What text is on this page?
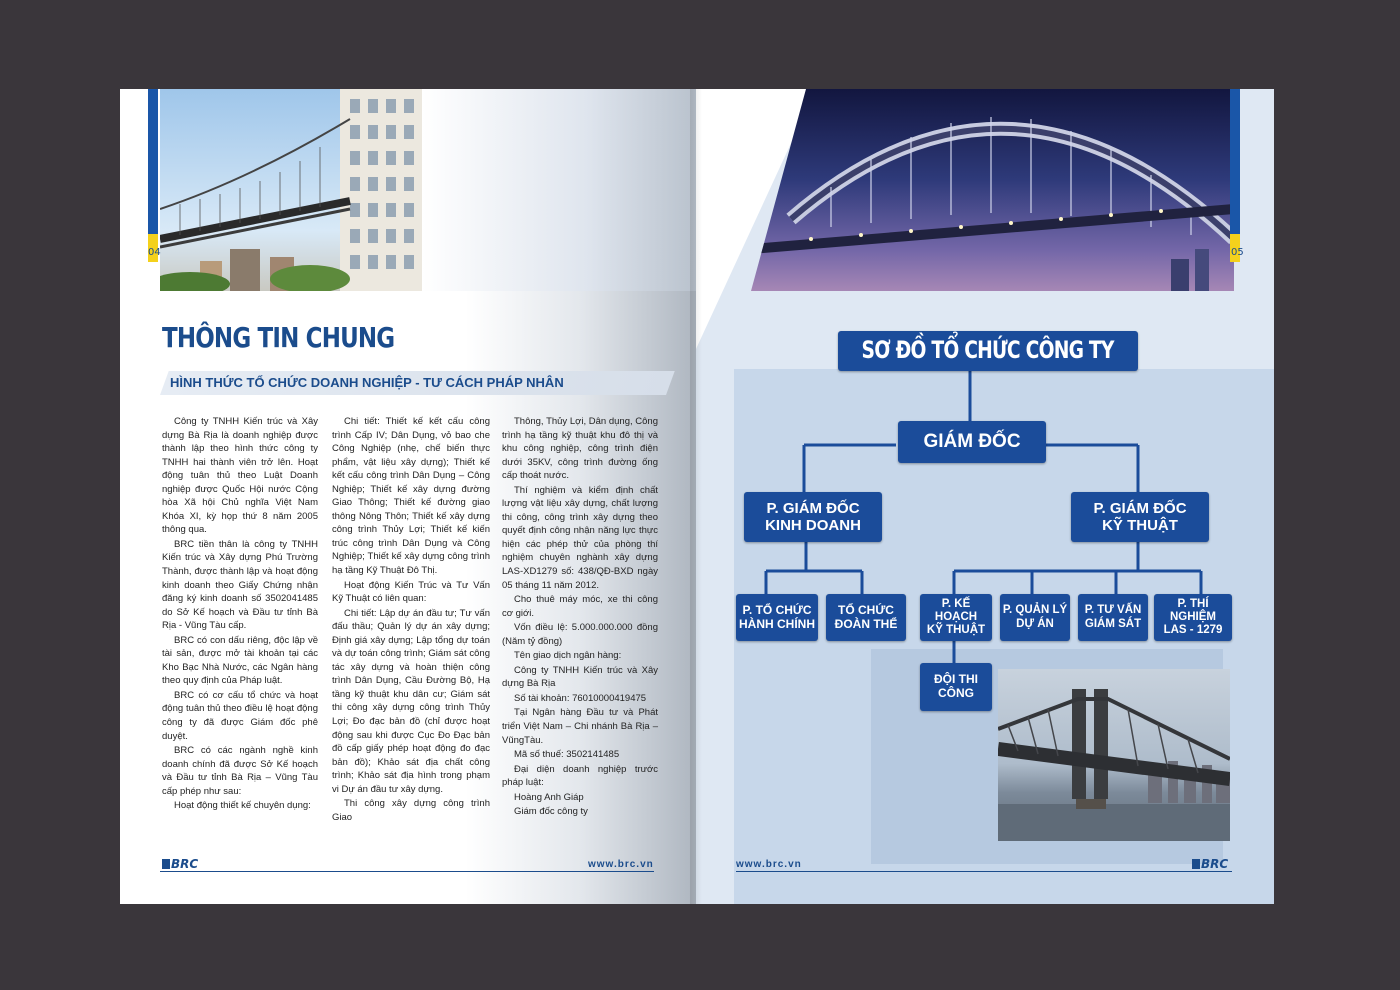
04
THÔNG TIN CHUNG
HÌNH THỨC TỔ CHỨC DOANH NGHIỆP - TƯ CÁCH PHÁP NHÂN

Công ty TNHH Kiến trúc và Xây dựng Bà Rịa là doanh nghiệp được thành lập theo hình thức công ty TNHH hai thành viên trở lên. Hoạt động tuân thủ theo Luật Doanh nghiệp được Quốc Hội nước Cộng hòa Xã hội Chủ nghĩa Việt Nam Khóa XI, kỳ họp thứ 8 năm 2005 thông qua.

BRC tiền thân là công ty TNHH Kiến trúc và Xây dựng Phú Trường Thành, được thành lập và hoạt động kinh doanh theo Giấy Chứng nhận đăng ký kinh doanh số 3502041485 do Sở Kế hoạch và Đầu tư tỉnh Bà Rịa - Vũng Tàu cấp.

BRC có con dấu riêng, độc lập về tài sản, được mở tài khoản tại các Kho Bạc Nhà Nước, các Ngân hàng theo quy định của Pháp luật.

BRC có cơ cấu tổ chức và hoạt động tuân thủ theo điều lệ hoạt động công ty đã được Giám đốc phê duyệt.

BRC có các ngành nghề kinh doanh chính đã được Sở Kế hoạch và Đầu tư tỉnh Bà Rịa – Vũng Tàu cấp phép như sau:

Hoạt động thiết kế chuyên dụng:

Chi tiết: Thiết kế kết cấu công trình Cấp IV; Dân Dụng, vỏ bao che Công Nghiệp (nhẹ, chế biến thực phẩm, vật liệu xây dựng); Thiết kế kết cấu công trình Dân Dụng – Công Nghiệp; Thiết kế xây dựng đường Giao Thông; Thiết kế đường giao thông Nông Thôn; Thiết kế xây dựng công trình Thủy Lợi; Thiết kế kiến trúc công trình Dân Dụng và Công Nghiệp; Thiết kế xây dựng công trình hạ tầng Kỹ Thuật Đô Thị.

Hoạt động Kiến Trúc và Tư Vấn Kỹ Thuật có liên quan:

Chi tiết: Lập dự án đầu tư; Tư vấn đấu thầu; Quản lý dự án xây dựng; Định giá xây dựng; Lập tổng dự toán và dự toán công trình; Giám sát công tác xây dựng và hoàn thiện công trình Dân Dụng, Cầu Đường Bộ, Hạ tầng kỹ thuật khu dân cư; Giám sát thi công xây dựng công trình Thủy Lợi; Đo đạc bản đồ (chỉ được hoạt động sau khi được Cục Đo Đạc bản đồ cấp giấy phép hoạt động đo đạc bản đồ); Khảo sát địa chất công trình; Khảo sát địa hình trong phạm vi Dự án đầu tư xây dựng.

Thi công xây dựng công trình Giao

Thông, Thủy Lợi, Dân dụng, Công trình hạ tầng kỹ thuật khu đô thị và khu công nghiệp, công trình điện dưới 35KV, công trình đường ống cấp thoát nước.

Thí nghiệm và kiểm định chất lượng vật liệu xây dựng, chất lượng thi công, công trình xây dựng theo quyết định công nhận năng lực thực hiện các phép thử của phòng thí nghiệm chuyên nghành xây dựng LAS-XD1279 số: 438/QĐ-BXD ngày 05 tháng 11 năm 2012.

Cho thuê máy móc, xe thi công cơ giới.

Vốn điều lệ: 5.000.000.000 đồng (Năm tỷ đồng)

Tên giao dịch ngân hàng:

Công ty TNHH Kiến trúc và Xây dựng Bà Rịa

Số tài khoản: 76010000419475

Tại Ngân hàng Đầu tư và Phát triển Việt Nam – Chi nhánh Bà Rịa – VũngTàu.

Mã số thuế: 3502141485

Đại diện doanh nghiệp trước pháp luật:

Hoàng Anh Giáp

Giám đốc công ty

BRC	www.brc.vn
05
SƠ ĐỒ TỔ CHỨC CÔNG TY
GIÁM ĐỐC
P. GIÁM ĐỐC
KINH DOANH
P. GIÁM ĐỐC
KỸ THUẬT
P. TỔ CHỨC
HÀNH CHÍNH
TỔ CHỨC
ĐOÀN THỂ
P. KẾ HOẠCH
KỸ THUẬT
P. QUẢN LÝ
DỰ ÁN
P. TƯ VẤN
GIÁM SÁT
P. THÍ NGHIỆM
LAS - 1279
ĐỘI THI
CÔNG
www.brc.vn	BRC
